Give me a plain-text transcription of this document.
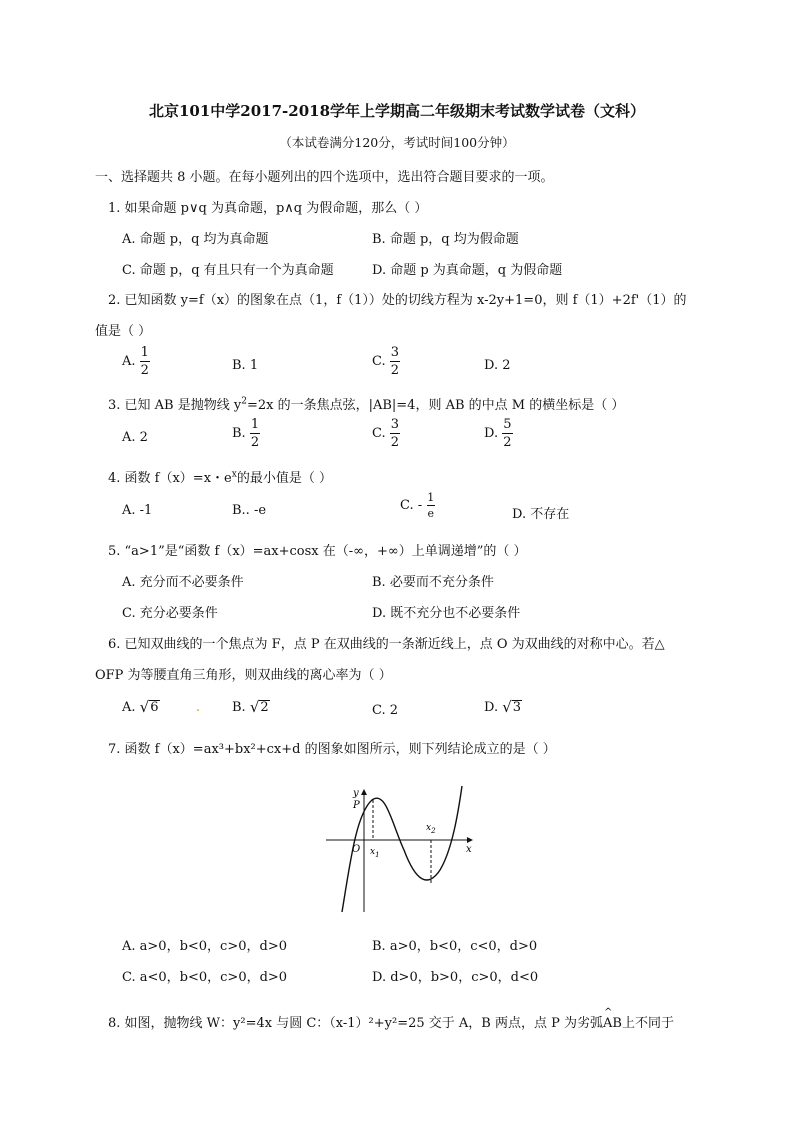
北京101中学2017-2018学年上学期高二年级期末考试数学试卷（文科）
（本试卷满分120分，考试时间100分钟）
一、选择题共 8 小题。在每小题列出的四个选项中，选出符合题目要求的一项。
1. 如果命题 p∨q 为真命题，p∧q 为假命题，那么（ ）
A. 命题 p，q 均为真命题	B. 命题 p，q 均为假命题
C. 命题 p，q 有且只有一个为真命题	D. 命题 p 为真命题，q 为假命题
2. 已知函数 y=f（x）的图象在点（1，f（1））处的切线方程为 x-2y+1=0，则 f（1）+2f'（1）的
值是（ ）
A. $\frac{1}{2}$	B. 1	C. $\frac{3}{2}$	D. 2
3. 已知 AB 是抛物线 $y^2=2x$ 的一条焦点弦，|AB|=4，则 AB 的中点 M 的横坐标是（ ）
A. 2	B. $\frac{1}{2}$	C. $\frac{3}{2}$	D. $\frac{5}{2}$
4. 函数 f（x）=x・$e^x$的最小值是（ ）
A. -1	B.. -e	C. - $\frac{1}{e}$	D. 不存在
5. “a>1”是“函数 f（x）=ax+cosx 在（-∞，+∞）上单调递增”的（ ）
A. 充分而不必要条件	B. 必要而不充分条件
C. 充分必要条件	D. 既不充分也不必要条件
6. 已知双曲线的一个焦点为 F，点 P 在双曲线的一条渐近线上，点 O 为双曲线的对称中心。若△
OFP 为等腰直角三角形，则双曲线的离心率为（ ）
A. √ 6	. B. √ 2	C. 2	D. √ 3
7. 函数 f（x）=ax³+bx²+cx+d 的图象如图所示，则下列结论成立的是（ ）
y
P
O $x_1$
$x_2$
x
A. a>0，b<0，c>0，d>0	B. a>0，b<0，c<0，d>0
C. a<0，b<0，c>0，d>0	D. d>0，b>0，c>0，d<0
8. 如图，抛物线 W：y²=4x 与圆 C：（x-1）²+y²=25 交于 A，B 两点，点 P 为劣弧
^
AB上不同于
